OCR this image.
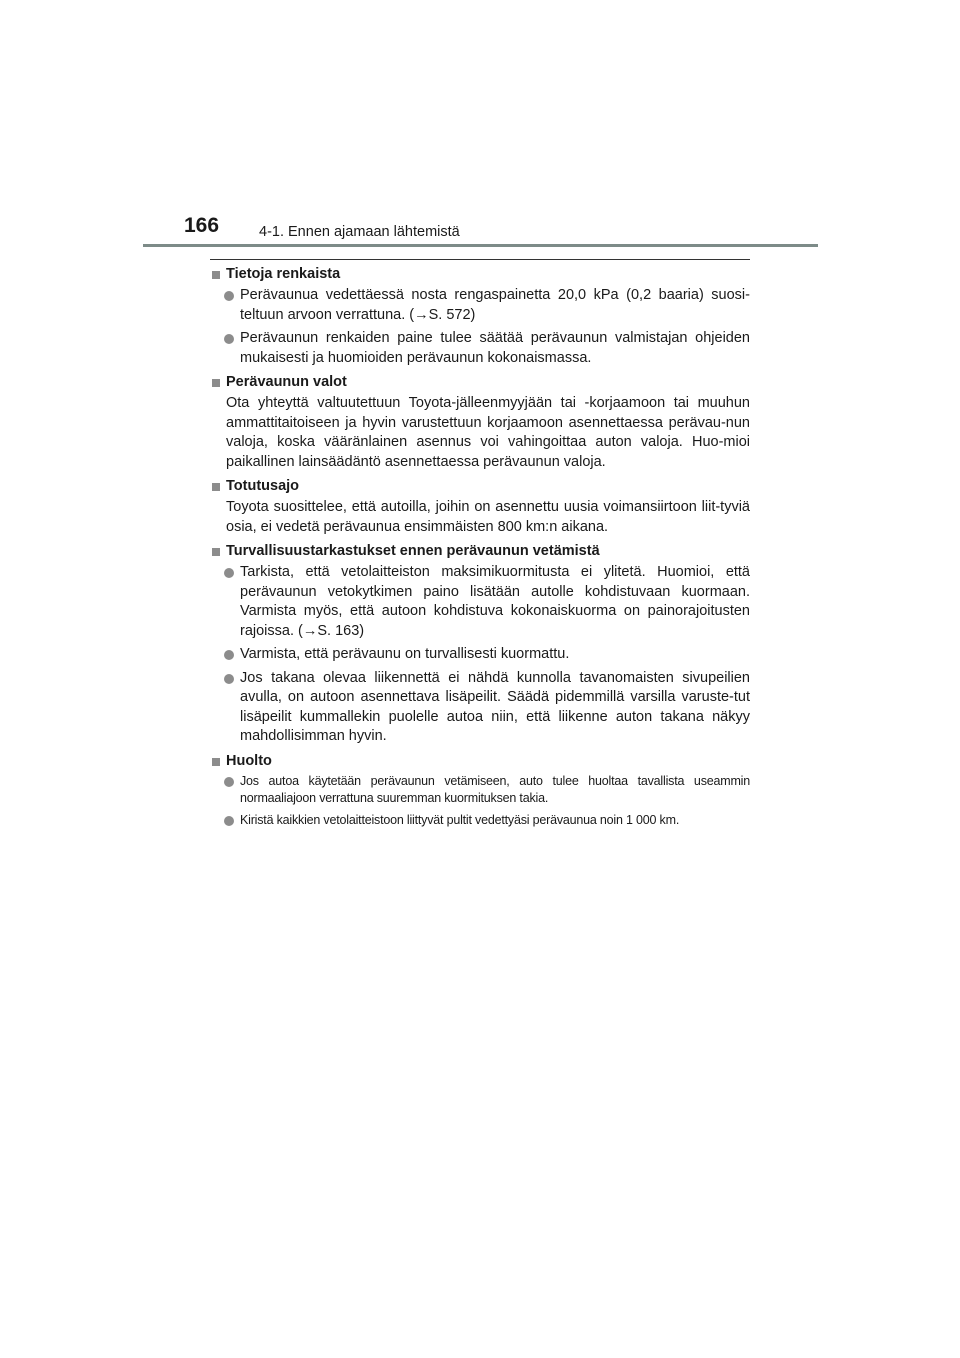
166	4-1. Ennen ajamaan lähtemistä
Tietoja renkaista
Perävaunua vedettäessä nosta rengaspainetta 20,0 kPa (0,2 baaria) suosi-teltuun arvoon verrattuna. (→S. 572)
Perävaunun renkaiden paine tulee säätää perävaunun valmistajan ohjeiden mukaisesti ja huomioiden perävaunun kokonaismassa.
Perävaunun valot
Ota yhteyttä valtuutettuun Toyota-jälleenmyyjään tai -korjaamoon tai muuhun ammattitaitoiseen ja hyvin varustettuun korjaamoon asennettaessa perävau-nun valoja, koska vääränlainen asennus voi vahingoittaa auton valoja. Huo-mioi paikallinen lainsäädäntö asennettaessa perävaunun valoja.
Totutusajo
Toyota suosittelee, että autoilla, joihin on asennettu uusia voimansiirtoon liit-tyviä osia, ei vedetä perävaunua ensimmäisten 800 km:n aikana.
Turvallisuustarkastukset ennen perävaunun vetämistä
Tarkista, että vetolaitteiston maksimikuormitusta ei ylitetä. Huomioi, että perävaunun vetokytkimen paino lisätään autolle kohdistuvaan kuormaan. Varmista myös, että autoon kohdistuva kokonaiskuorma on painorajoitusten rajoissa. (→S. 163)
Varmista, että perävaunu on turvallisesti kuormattu.
Jos takana olevaa liikennettä ei nähdä kunnolla tavanomaisten sivupeilien avulla, on autoon asennettava lisäpeilit. Säädä pidemmillä varsilla varuste-tut lisäpeilit kummallekin puolelle autoa niin, että liikenne auton takana näkyy mahdollisimman hyvin.
Huolto
Jos autoa käytetään perävaunun vetämiseen, auto tulee huoltaa tavallista useammin normaaliajoon verrattuna suuremman kuormituksen takia.
Kiristä kaikkien vetolaitteistoon liittyvät pultit vedettyäsi perävaunua noin 1 000 km.
